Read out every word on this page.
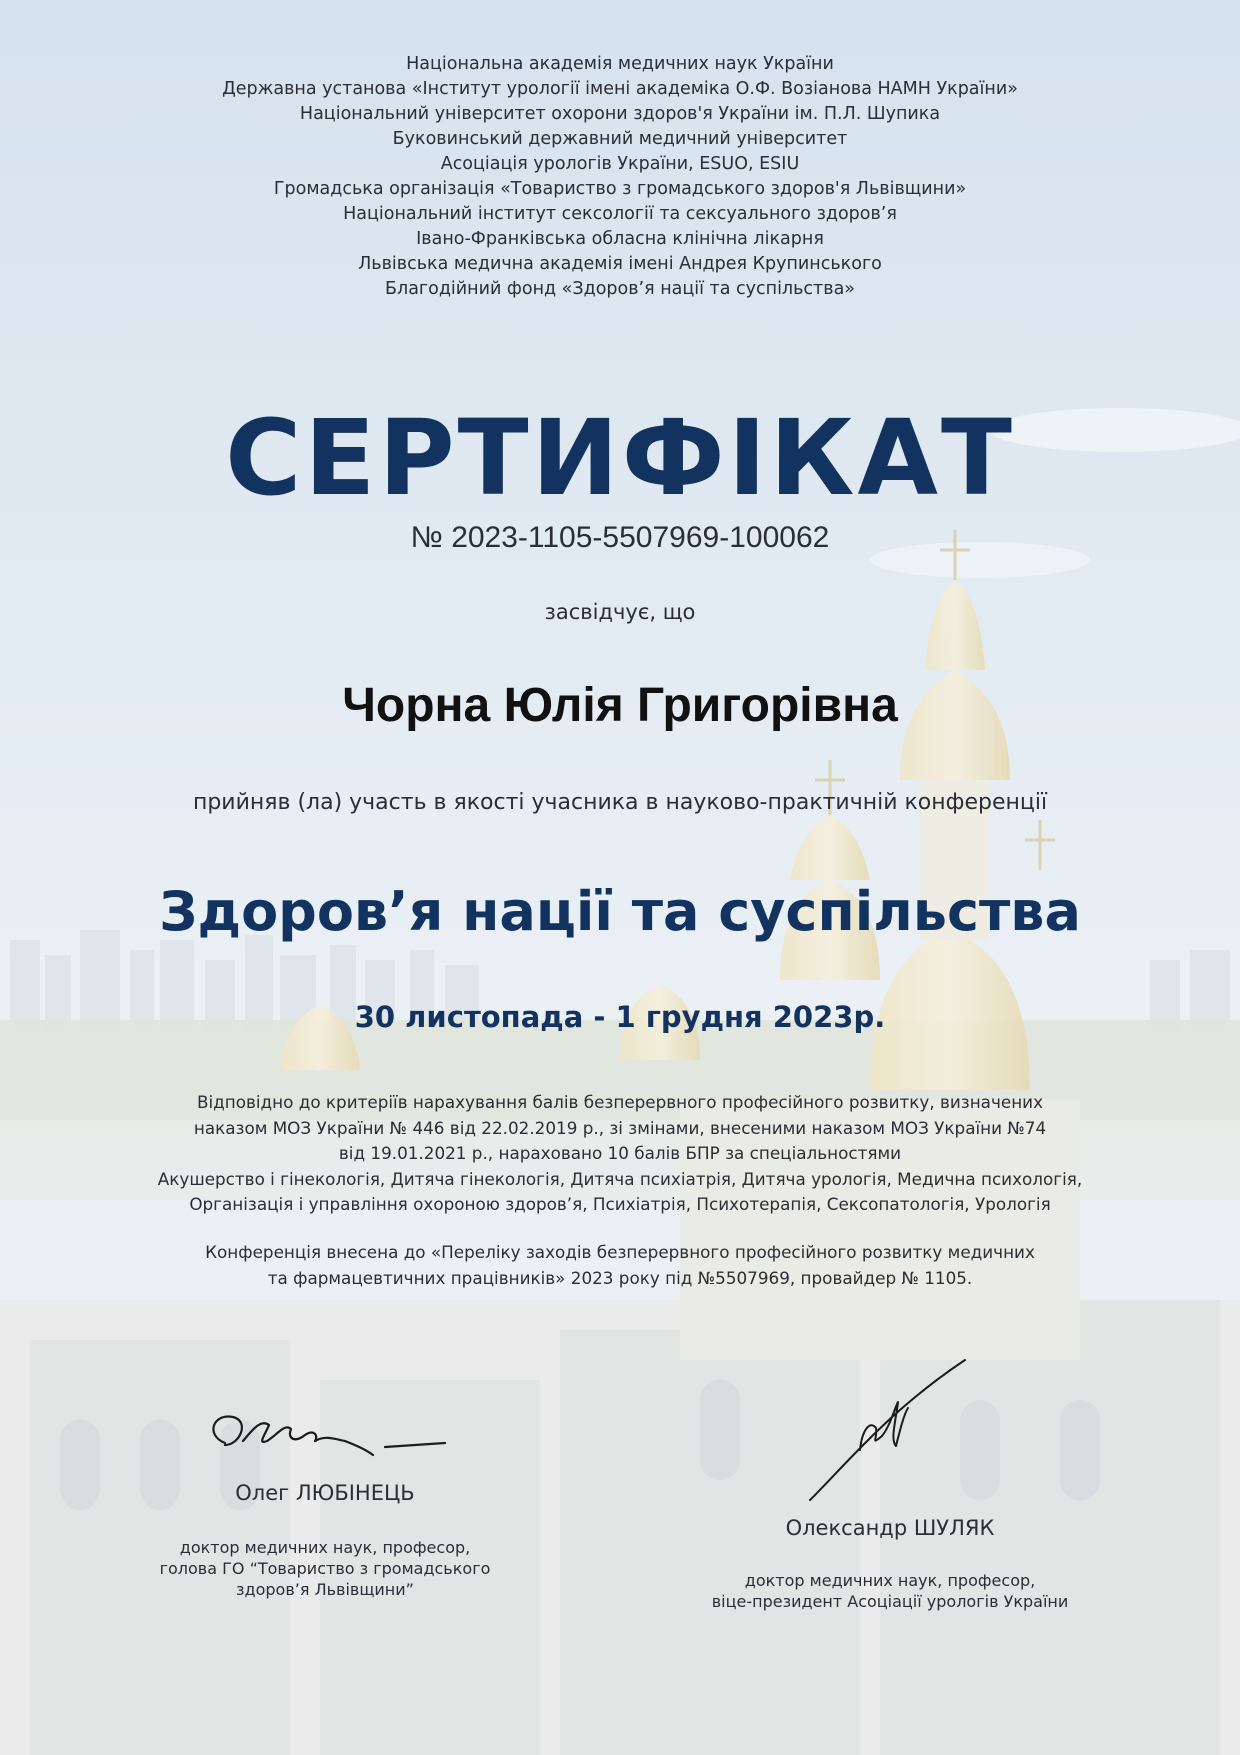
Національна академія медичних наук України
Державна установа «Інститут урології імені академіка О.Ф. Возіанова НАМН України»
Національний університет охорони здоров'я України ім. П.Л. Шупика
Буковинський державний медичний університет
Асоціація урологів України, ESUO, ESIU
Громадська організація «Товариство з громадського здоров'я Львівщини»
Національний інститут сексології та сексуального здоров’я
Івано-Франківська обласна клінічна лікарня
Львівська медична академія імені Андрея Крупинського
Благодійний фонд «Здоров’я нації та суспільства»
СЕРТИФІКАТ
№ 2023-1105-5507969-100062
засвідчує, що
Чорна Юлія Григорівна
прийняв (ла) участь в якості учасника в науково-практичній конференції
Здоров’я нації та суспільства
30 листопада - 1 грудня 2023р.
Відповідно до критеріїв нарахування балів безперервного професійного розвитку, визначених
наказом МОЗ України № 446 від 22.02.2019 р., зі змінами, внесеними наказом МОЗ України №74
від 19.01.2021 р., нараховано 10 балів БПР за спеціальностями
Акушерство і гінекологія, Дитяча гінекологія, Дитяча психіатрія, Дитяча урологія, Медична психологія,
Організація і управління охороною здоров’я, Психіатрія, Психотерапія, Сексопатологія, Урологія
Конференція внесена до «Переліку заходів безперервного професійного розвитку медичних
та фармацевтичних працівників» 2023 року під №5507969, провайдер № 1105.
Олег ЛЮБІНЕЦЬ
доктор медичних наук, професор,
голова ГО “Товариство з громадського
здоров’я Львівщини”
Олександр ШУЛЯК
доктор медичних наук, професор,
віце-президент Асоціації урологів України
